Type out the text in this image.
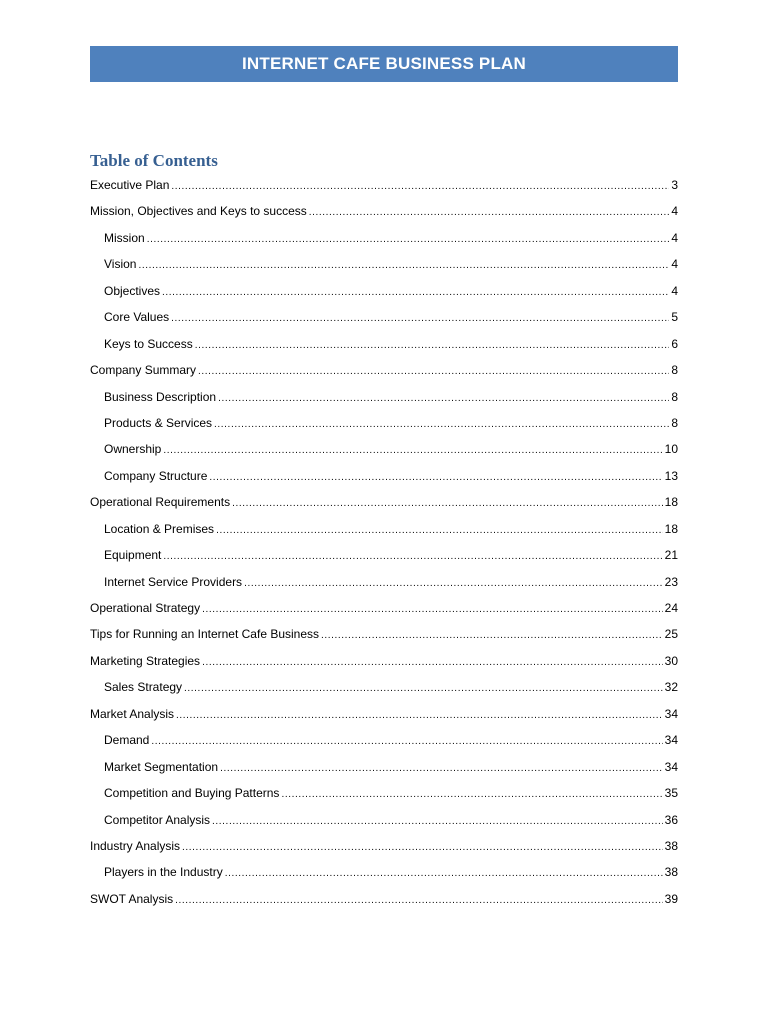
INTERNET CAFE BUSINESS PLAN
Table of Contents
Executive Plan .....	3
Mission, Objectives and Keys to success .....	4
Mission .....	4
Vision .....	4
Objectives .....	4
Core Values .....	5
Keys to Success .....	6
Company Summary .....	8
Business Description .....	8
Products & Services .....	8
Ownership .....	10
Company Structure .....	13
Operational Requirements .....	18
Location & Premises .....	18
Equipment .....	21
Internet Service Providers .....	23
Operational Strategy .....	24
Tips for Running an Internet Cafe Business .....	25
Marketing Strategies .....	30
Sales Strategy .....	32
Market Analysis .....	34
Demand .....	34
Market Segmentation .....	34
Competition and Buying Patterns .....	35
Competitor Analysis .....	36
Industry Analysis .....	38
Players in the Industry .....	38
SWOT Analysis .....	39
